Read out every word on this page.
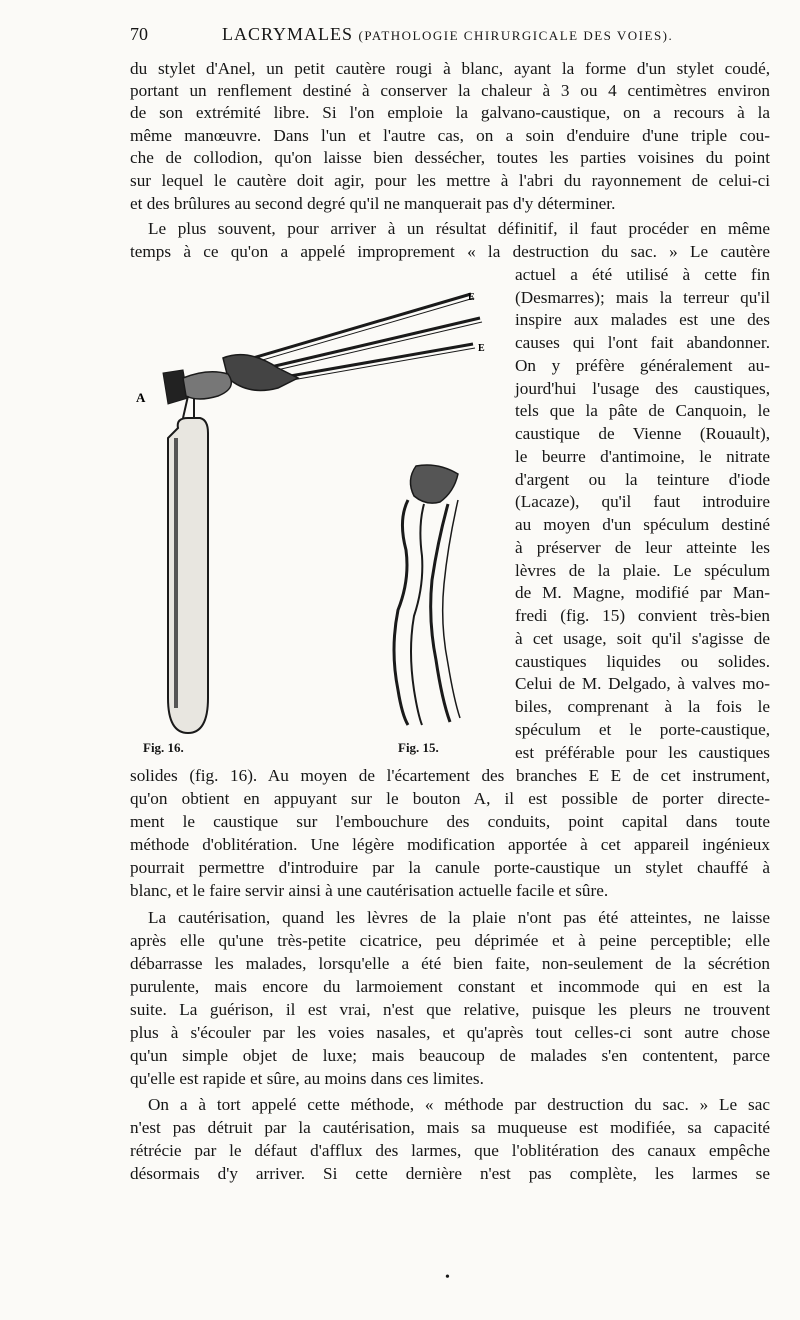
70	LACRYMALES (PATHOLOGIE CHIRURGICALE DES VOIES).
du stylet d'Anel, un petit cautère rougi à blanc, ayant la forme d'un stylet coudé,
portant un renflement destiné à conserver la chaleur à 3 ou 4 centimètres environ
de son extrémité libre. Si l'on emploie la galvano-caustique, on a recours à la
même manœuvre. Dans l'un et l'autre cas, on a soin d'enduire d'une triple cou-
che de collodion, qu'on laisse bien dessécher, toutes les parties voisines du point
sur lequel le cautère doit agir, pour les mettre à l'abri du rayonnement de celui-ci
et des brûlures au second degré qu'il ne manquerait pas d'y déterminer.
Le plus souvent, pour arriver à un résultat définitif, il faut procéder en même
temps à ce qu'on a appelé improprement « la destruction du sac. » Le cautère
actuel a été utilisé à cette fin
(Desmarres); mais la terreur qu'il
inspire aux malades est une des
causes qui l'ont fait abandonner.
On y préfère généralement au-
jourd'hui l'usage des caustiques,
tels que la pâte de Canquoin, le
caustique de Vienne (Rouault),
le beurre d'antimoine, le nitrate
d'argent ou la teinture d'iode
(Lacaze), qu'il faut introduire
au moyen d'un spéculum destiné
à préserver de leur atteinte les
lèvres de la plaie. Le spéculum
de M. Magne, modifié par Man-
fredi (fig. 15) convient très-bien
à cet usage, soit qu'il s'agisse de
caustiques liquides ou solides.
Celui de M. Delgado, à valves mo-
biles, comprenant à la fois le
spéculum et le porte-caustique,
est préférable pour les caustiques
solides (fig. 16). Au moyen de l'écartement des branches E E de cet instrument,
qu'on obtient en appuyant sur le bouton A, il est possible de porter directe-
ment le caustique sur l'embouchure des conduits, point capital dans toute
méthode d'oblitération. Une légère modification apportée à cet appareil ingénieux
pourrait permettre d'introduire par la canule porte-caustique un stylet chauffé à
blanc, et le faire servir ainsi à une cautérisation actuelle facile et sûre.
La cautérisation, quand les lèvres de la plaie n'ont pas été atteintes, ne laisse
après elle qu'une très-petite cicatrice, peu déprimée et à peine perceptible; elle
débarrasse les malades, lorsqu'elle a été bien faite, non-seulement de la sécrétion
purulente, mais encore du larmoiement constant et incommode qui en est la
suite. La guérison, il est vrai, n'est que relative, puisque les pleurs ne trouvent
plus à s'écouler par les voies nasales, et qu'après tout celles-ci sont autre chose
qu'un simple objet de luxe; mais beaucoup de malades s'en contentent, parce
qu'elle est rapide et sûre, au moins dans ces limites.
On a à tort appelé cette méthode, « méthode par destruction du sac. » Le sac
n'est pas détruit par la cautérisation, mais sa muqueuse est modifiée, sa capacité
rétrécie par le défaut d'afflux des larmes, que l'oblitération des canaux empêche
désormais d'y arriver. Si cette dernière n'est pas complète, les larmes se
A
E
E
Fig. 16.	Fig. 15.
•
